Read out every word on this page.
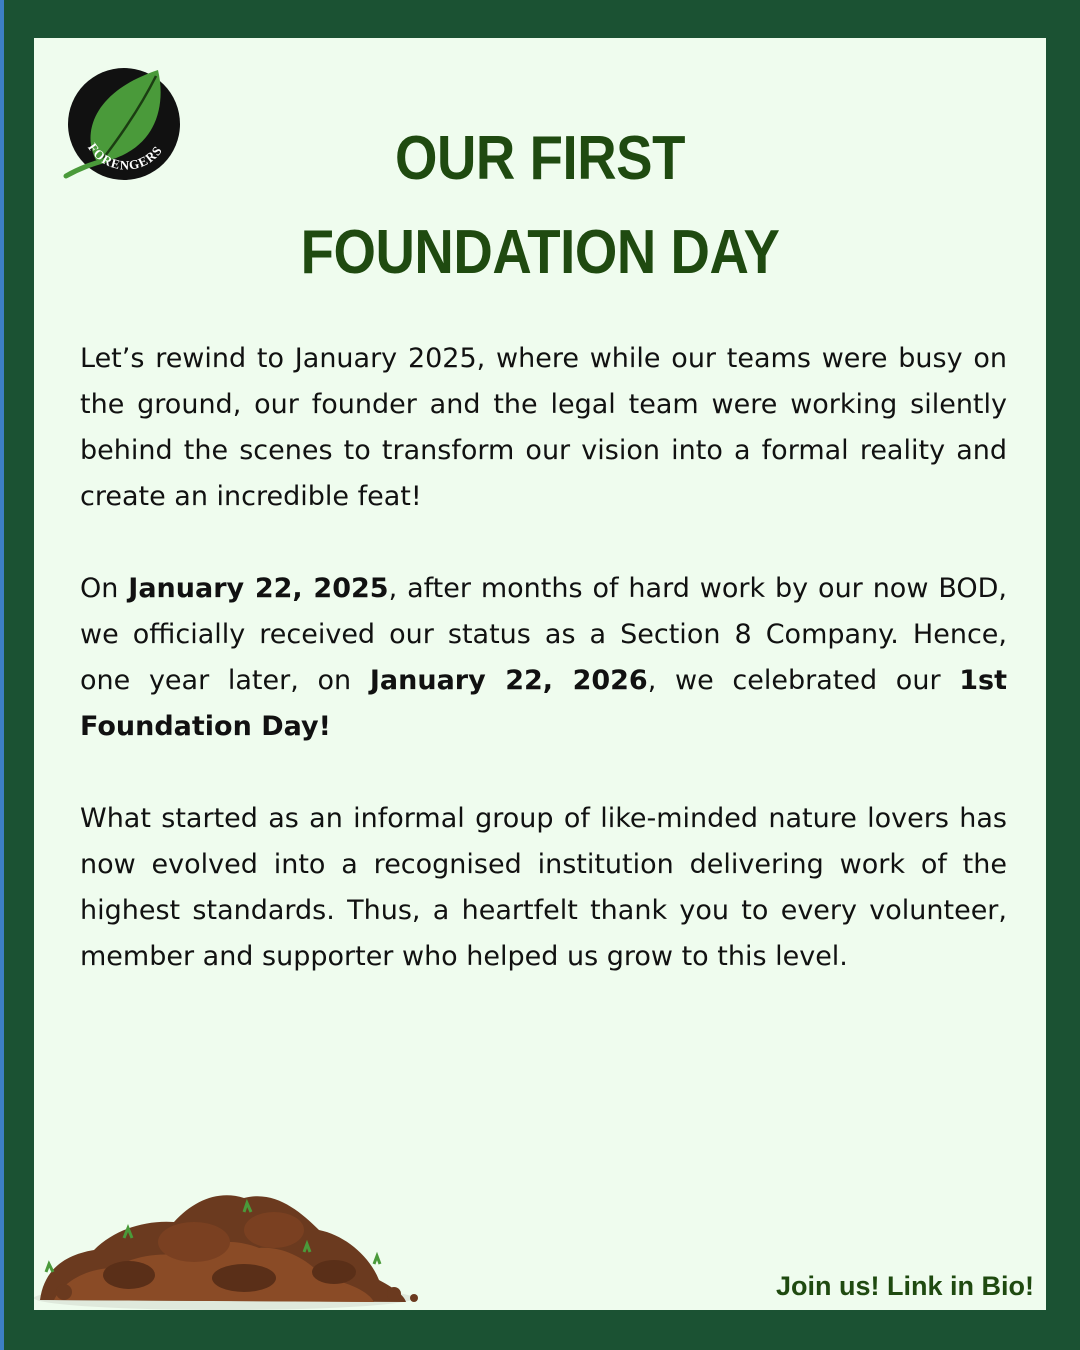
FORENGERS	OUR FIRST
FOUNDATION DAY

Let’s rewind to January 2025, where while our teams were busy on the ground, our founder and the legal team were working silently behind the scenes to transform our vision into a formal reality and create an incredible feat!

On January 22, 2025, after months of hard work by our now BOD, we officially received our status as a Section 8 Company. Hence, one year later, on January 22, 2026, we celebrated our 1st Foundation Day!

What started as an informal group of like-minded nature lovers has now evolved into a recognised institution delivering work of the highest standards. Thus, a heartfelt thank you to every volunteer, member and supporter who helped us grow to this level.

Join us! Link in Bio!
